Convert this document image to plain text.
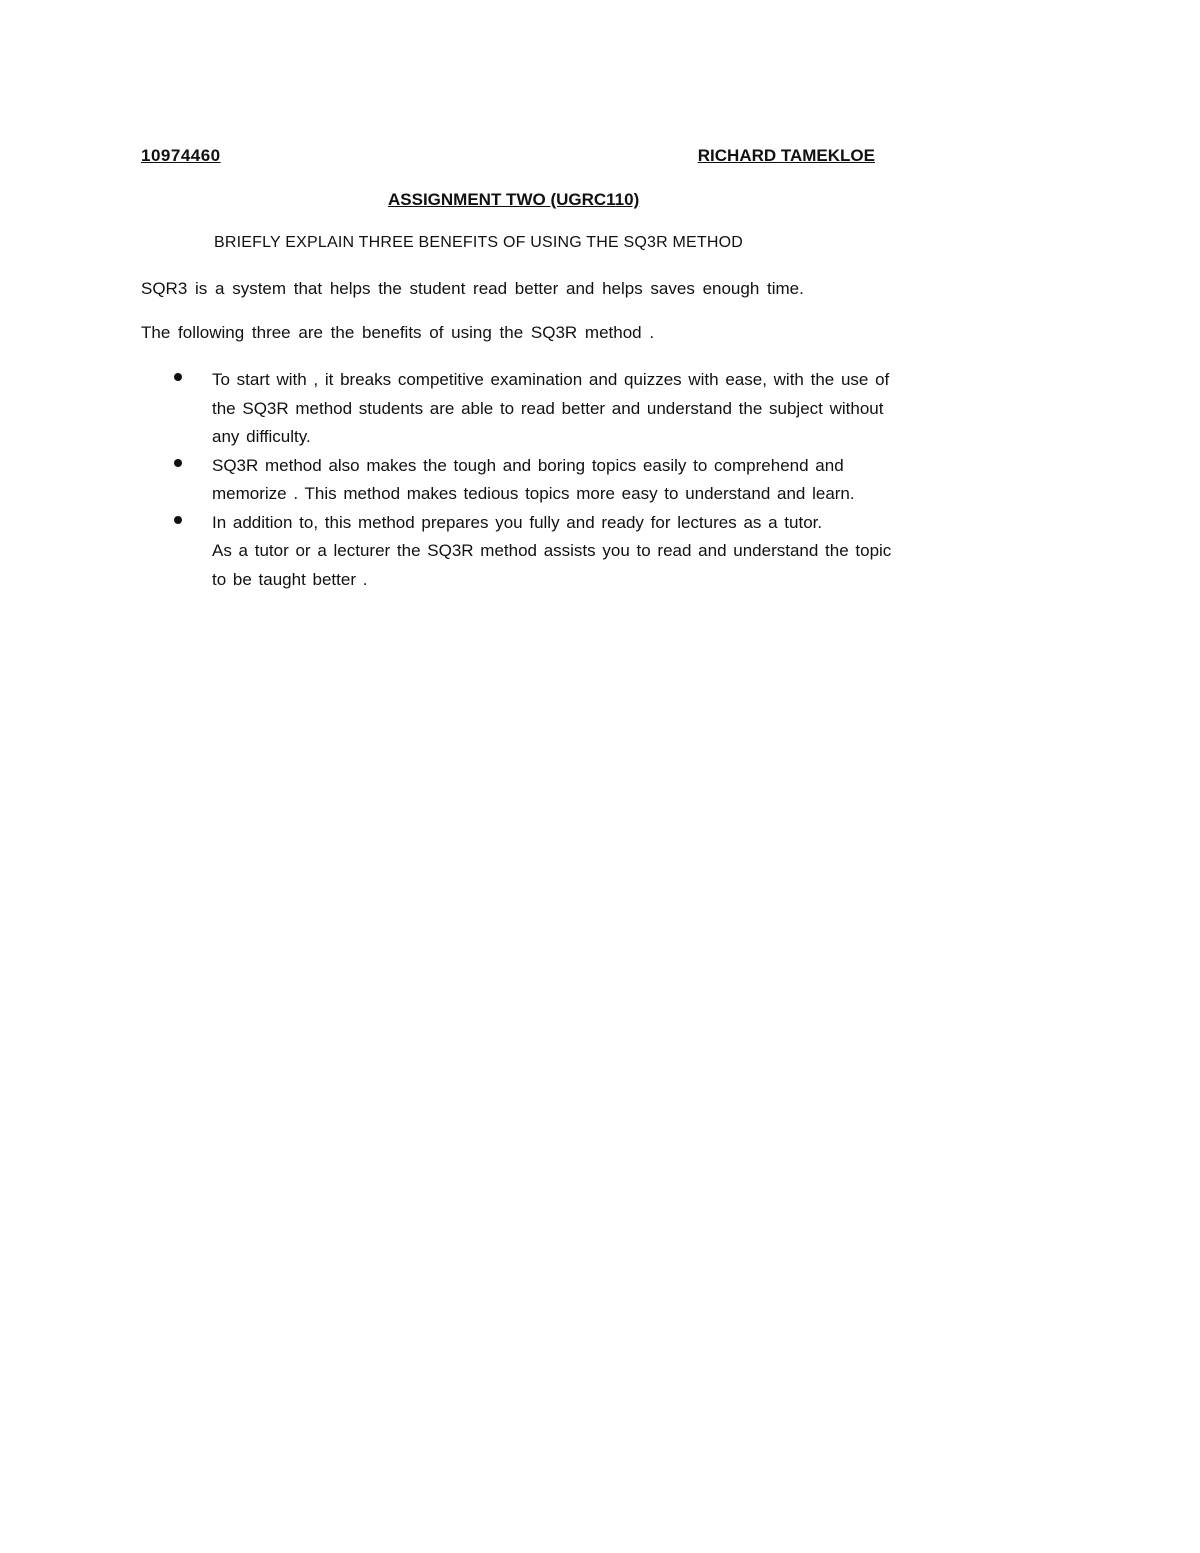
10974460	RICHARD TAMEKLOE
ASSIGNMENT TWO (UGRC110)
BRIEFLY EXPLAIN THREE BENEFITS OF USING THE SQ3R METHOD
SQR3 is a system that helps the student read better and helps saves enough time.
The following three are the benefits of using the SQ3R method .
To start with , it breaks competitive examination and quizzes with ease, with the use of
the SQ3R method students are able to read better and understand the subject without
any difficulty.
SQ3R method also makes the tough and boring topics easily to comprehend and
memorize . This method makes tedious topics more easy to understand and learn.
In addition to, this method prepares you fully and ready for lectures as a tutor.
As a tutor or a lecturer the SQ3R method assists you to read and understand the topic
to be taught better .
